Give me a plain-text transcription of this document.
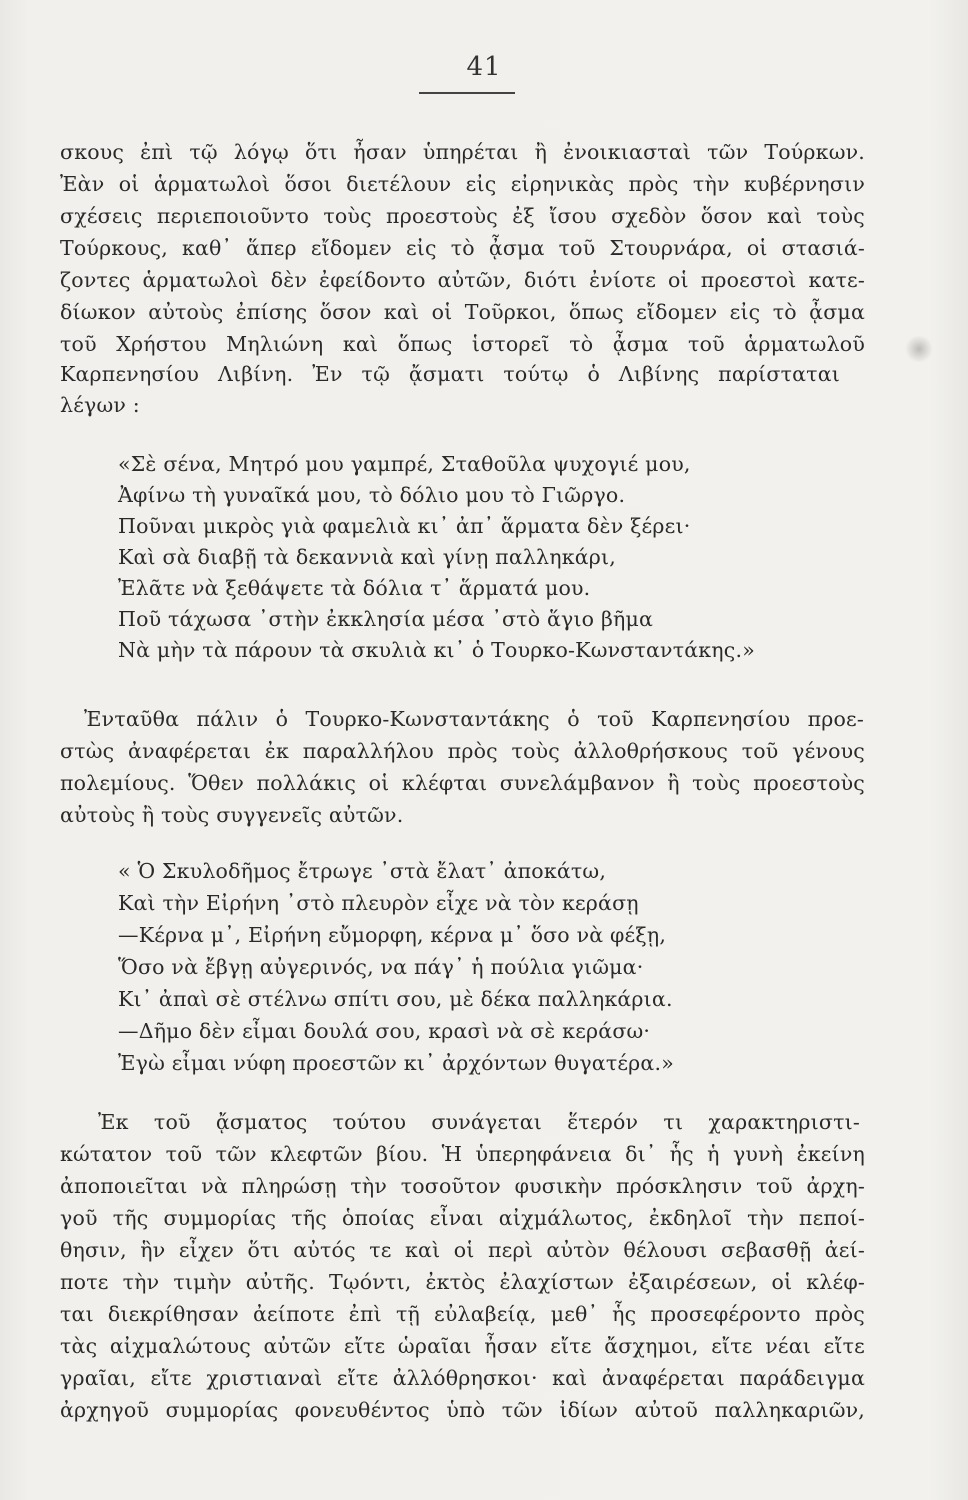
41
σκους ἐπὶ τῷ λόγῳ ὅτι ἦσαν ὑπηρέται ἢ ἐνοικιασταὶ τῶν Τούρκων.
Ἐὰν οἱ ἁρματωλοὶ ὅσοι διετέλουν εἰς εἰρηνικὰς πρὸς τὴν κυβέρνησιν
σχέσεις περιεποιοῦντο τοὺς προεστοὺς ἐξ ἴσου σχεδὸν ὅσον καὶ τοὺς
Τούρκους, καθ᾽ ἅπερ εἴδομεν εἰς τὸ ᾆσμα τοῦ Στουρνάρα, οἱ στασιά-
ζοντες ἁρματωλοὶ δὲν ἐφείδοντο αὐτῶν, διότι ἐνίοτε οἱ προεστοὶ κατε-
δίωκον αὐτοὺς ἐπίσης ὅσον καὶ οἱ Τοῦρκοι, ὅπως εἴδομεν εἰς τὸ ᾆσμα
τοῦ Χρήστου Μηλιώνη καὶ ὅπως ἱστορεῖ τὸ ᾆσμα τοῦ ἁρματωλοῦ
Καρπενησίου Λιβίνη. Ἐν τῷ ᾄσματι τούτῳ ὁ Λιβίνης παρίσταται
λέγων :
«Σὲ σένα, Μητρό μου γαμπρέ, Σταθοῦλα ψυχογιέ μου,
Ἀφίνω τὴ γυναῖκά μου, τὸ δόλιο μου τὸ Γιῶργο.
Ποῦναι μικρὸς γιὰ φαμελιὰ κι᾽ ἀπ᾽ ἅρματα δὲν ξέρει·
Καὶ σὰ διαβῇ τὰ δεκαννιὰ καὶ γίνῃ παλληκάρι,
Ἐλᾶτε νὰ ξεθάψετε τὰ δόλια τ᾽ ἅρματά μου.
Ποῦ τάχωσα ᾽στὴν ἐκκλησία μέσα ᾽στὸ ἅγιο βῆμα
Νὰ μὴν τὰ πάρουν τὰ σκυλιὰ κι᾽ ὁ Τουρκο-Κωνσταντάκης.»
Ἐνταῦθα πάλιν ὁ Τουρκο-Κωνσταντάκης ὁ τοῦ Καρπενησίου προε-
στὼς ἀναφέρεται ἐκ παραλλήλου πρὸς τοὺς ἀλλοθρήσκους τοῦ γένους
πολεμίους. Ὅθεν πολλάκις οἱ κλέφται συνελάμβανον ἢ τοὺς προεστοὺς
αὐτοὺς ἢ τοὺς συγγενεῖς αὐτῶν.
« Ὁ Σκυλοδῆμος ἔτρωγε ᾽στὰ ἔλατ᾽ ἀποκάτω,
Καὶ τὴν Εἰρήνη ᾽στὸ πλευρὸν εἶχε νὰ τὸν κεράσῃ
—Κέρνα μ᾽, Εἰρήνη εὔμορφη, κέρνα μ᾽ ὅσο νὰ φέξῃ,
Ὅσο νὰ ἔβγῃ αὐγερινός, να πάγ᾽ ἡ πούλια γιῶμα·
Κι᾽ ἀπαὶ σὲ στέλνω σπίτι σου, μὲ δέκα παλληκάρια.
—Δῆμο δὲν εἶμαι δουλά σου, κρασὶ νὰ σὲ κεράσω·
Ἐγὼ εἶμαι νύφη προεστῶν κι᾽ ἀρχόντων θυγατέρα.»
Ἐκ τοῦ ᾄσματος τούτου συνάγεται ἕτερόν τι χαρακτηριστι-
κώτατον τοῦ τῶν κλεφτῶν βίου. Ἡ ὑπερηφάνεια δι᾽ ἧς ἡ γυνὴ ἐκείνη
ἀποποιεῖται νὰ πληρώσῃ τὴν τοσοῦτον φυσικὴν πρόσκλησιν τοῦ ἀρχη-
γοῦ τῆς συμμορίας τῆς ὁποίας εἶναι αἰχμάλωτος, ἐκδηλοῖ τὴν πεποί-
θησιν, ἣν εἶχεν ὅτι αὐτός τε καὶ οἱ περὶ αὐτὸν θέλουσι σεβασθῇ ἀεί-
ποτε τὴν τιμὴν αὐτῆς. Τῳόντι, ἐκτὸς ἐλαχίστων ἐξαιρέσεων, οἱ κλέφ-
ται διεκρίθησαν ἀείποτε ἐπὶ τῇ εὐλαβείᾳ, μεθ᾽ ἧς προσεφέροντο πρὸς
τὰς αἰχμαλώτους αὐτῶν εἴτε ὡραῖαι ἦσαν εἴτε ἄσχημοι, εἴτε νέαι εἴτε
γραῖαι, εἴτε χριστιαναὶ εἴτε ἀλλόθρησκοι· καὶ ἀναφέρεται παράδειγμα
ἀρχηγοῦ συμμορίας φονευθέντος ὑπὸ τῶν ἰδίων αὐτοῦ παλληκαριῶν,
